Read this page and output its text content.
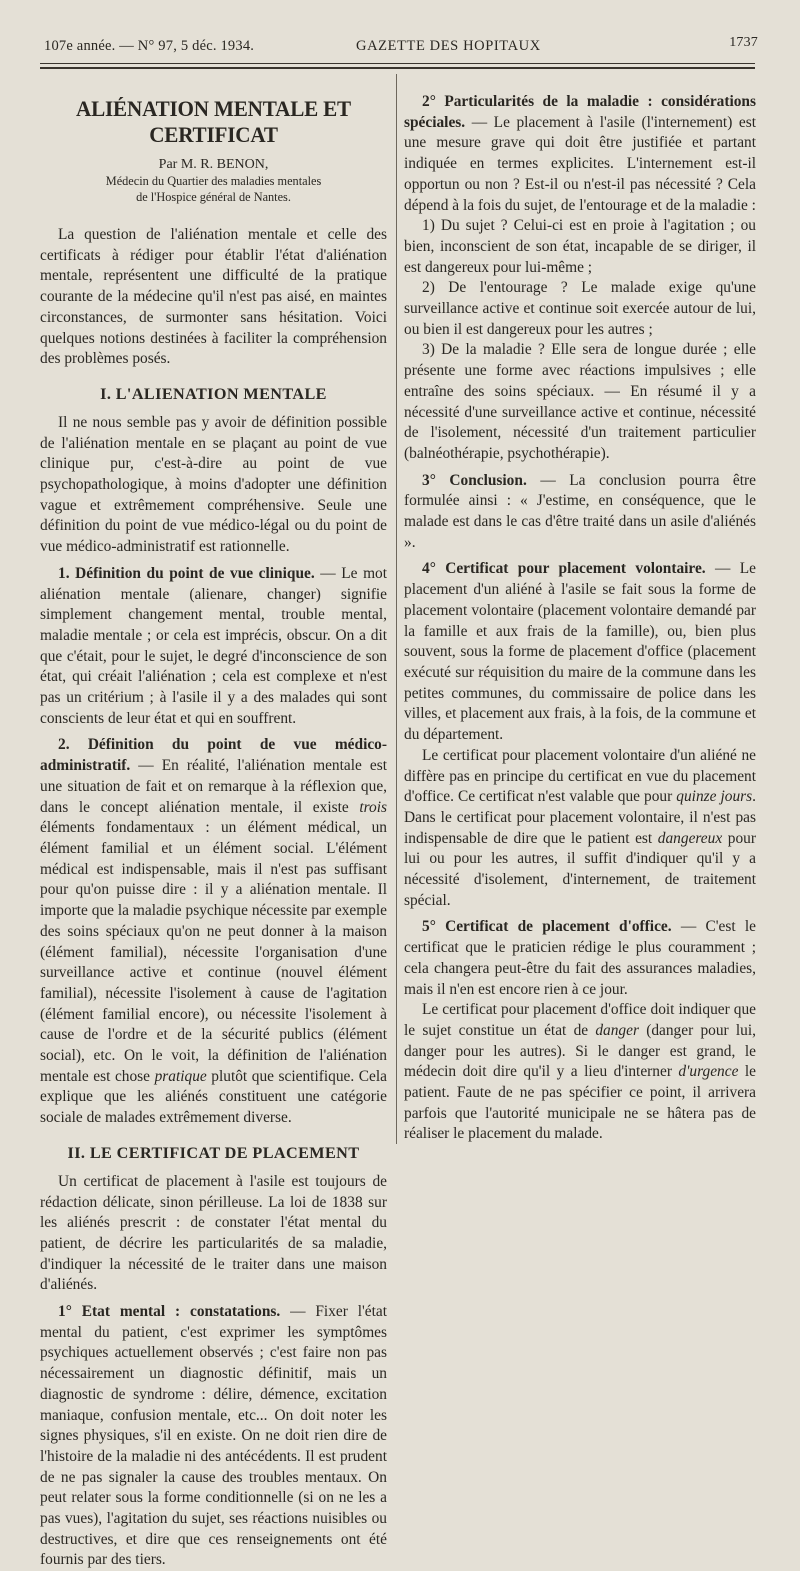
107e année. — N° 97, 5 déc. 1934.	GAZETTE DES HOPITAUX	1737
ALIÉNATION MENTALE ET CERTIFICAT
Par M. R. BENON,
Médecin du Quartier des maladies mentales
de l'Hospice général de Nantes.

La question de l'aliénation mentale et celle des certificats à rédiger pour établir l'état d'aliénation mentale, représentent une difficulté de la pratique courante de la médecine qu'il n'est pas aisé, en maintes circonstances, de surmonter sans hésitation. Voici quelques notions destinées à faciliter la compréhension des problèmes posés.

I. L'ALIENATION MENTALE

Il ne nous semble pas y avoir de définition possible de l'aliénation mentale en se plaçant au point de vue clinique pur, c'est-à-dire au point de vue psychopathologique, à moins d'adopter une définition vague et extrêmement compréhensive. Seule une définition du point de vue médico-légal ou du point de vue médico-administratif est rationnelle.

1. Définition du point de vue clinique. — Le mot aliénation mentale (alienare, changer) signifie simplement changement mental, trouble mental, maladie mentale ; or cela est imprécis, obscur. On a dit que c'était, pour le sujet, le degré d'inconscience de son état, qui créait l'aliénation ; cela est complexe et n'est pas un critérium ; à l'asile il y a des malades qui sont conscients de leur état et qui en souffrent.

2. Définition du point de vue médico-administratif. — En réalité, l'aliénation mentale est une situation de fait et on remarque à la réflexion que, dans le concept aliénation mentale, il existe trois éléments fondamentaux : un élément médical, un élément familial et un élément social. L'élément médical est indispensable, mais il n'est pas suffisant pour qu'on puisse dire : il y a aliénation mentale. Il importe que la maladie psychique nécessite par exemple des soins spéciaux qu'on ne peut donner à la maison (élément familial), nécessite l'organisation d'une surveillance active et continue (nouvel élément familial), nécessite l'isolement à cause de l'agitation (élément familial encore), ou nécessite l'isolement à cause de l'ordre et de la sécurité publics (élément social), etc. On le voit, la définition de l'aliénation mentale est chose pratique plutôt que scientifique. Cela explique que les aliénés constituent une catégorie sociale de malades extrêmement diverse.

II. LE CERTIFICAT DE PLACEMENT

Un certificat de placement à l'asile est toujours de rédaction délicate, sinon périlleuse. La loi de 1838 sur les aliénés prescrit : de constater l'état mental du patient, de décrire les particularités de sa maladie, d'indiquer la nécessité de le traiter dans une maison d'aliénés.

1° Etat mental : constatations. — Fixer l'état mental du patient, c'est exprimer les symptômes psychiques actuellement observés ; c'est faire non pas nécessairement un diagnostic définitif, mais un diagnostic de syndrome : délire, démence, excitation maniaque, confusion mentale, etc... On doit noter les signes physiques, s'il en existe. On ne doit rien dire de l'histoire de la maladie ni des antécédents. Il est prudent de ne pas signaler la cause des troubles mentaux. On peut relater sous la forme conditionnelle (si on ne les a pas vues), l'agitation du sujet, ses réactions nuisibles ou destructives, et dire que ces renseignements ont été fournis par des tiers.

2° Particularités de la maladie : considérations spéciales. — Le placement à l'asile (l'internement) est une mesure grave qui doit être justifiée et partant indiquée en termes explicites. L'internement est-il opportun ou non ? Est-il ou n'est-il pas nécessité ? Cela dépend à la fois du sujet, de l'entourage et de la maladie :

1) Du sujet ? Celui-ci est en proie à l'agitation ; ou bien, inconscient de son état, incapable de se diriger, il est dangereux pour lui-même ;

2) De l'entourage ? Le malade exige qu'une surveillance active et continue soit exercée autour de lui, ou bien il est dangereux pour les autres ;

3) De la maladie ? Elle sera de longue durée ; elle présente une forme avec réactions impulsives ; elle entraîne des soins spéciaux. — En résumé il y a nécessité d'une surveillance active et continue, nécessité de l'isolement, nécessité d'un traitement particulier (balnéothérapie, psychothérapie).

3° Conclusion. — La conclusion pourra être formulée ainsi : « J'estime, en conséquence, que le malade est dans le cas d'être traité dans un asile d'aliénés ».

4° Certificat pour placement volontaire. — Le placement d'un aliéné à l'asile se fait sous la forme de placement volontaire (placement volontaire demandé par la famille et aux frais de la famille), ou, bien plus souvent, sous la forme de placement d'office (placement exécuté sur réquisition du maire de la commune dans les petites communes, du commissaire de police dans les villes, et placement aux frais, à la fois, de la commune et du département.

Le certificat pour placement volontaire d'un aliéné ne diffère pas en principe du certificat en vue du placement d'office. Ce certificat n'est valable que pour quinze jours. Dans le certificat pour placement volontaire, il n'est pas indispensable de dire que le patient est dangereux pour lui ou pour les autres, il suffit d'indiquer qu'il y a nécessité d'isolement, d'internement, de traitement spécial.

5° Certificat de placement d'office. — C'est le certificat que le praticien rédige le plus couramment ; cela changera peut-être du fait des assurances maladies, mais il n'en est encore rien à ce jour.

Le certificat pour placement d'office doit indiquer que le sujet constitue un état de danger (danger pour lui, danger pour les autres). Si le danger est grand, le médecin doit dire qu'il y a lieu d'interner d'urgence le patient. Faute de ne pas spécifier ce point, il arrivera parfois que l'autorité municipale ne se hâtera pas de réaliser le placement du malade.
